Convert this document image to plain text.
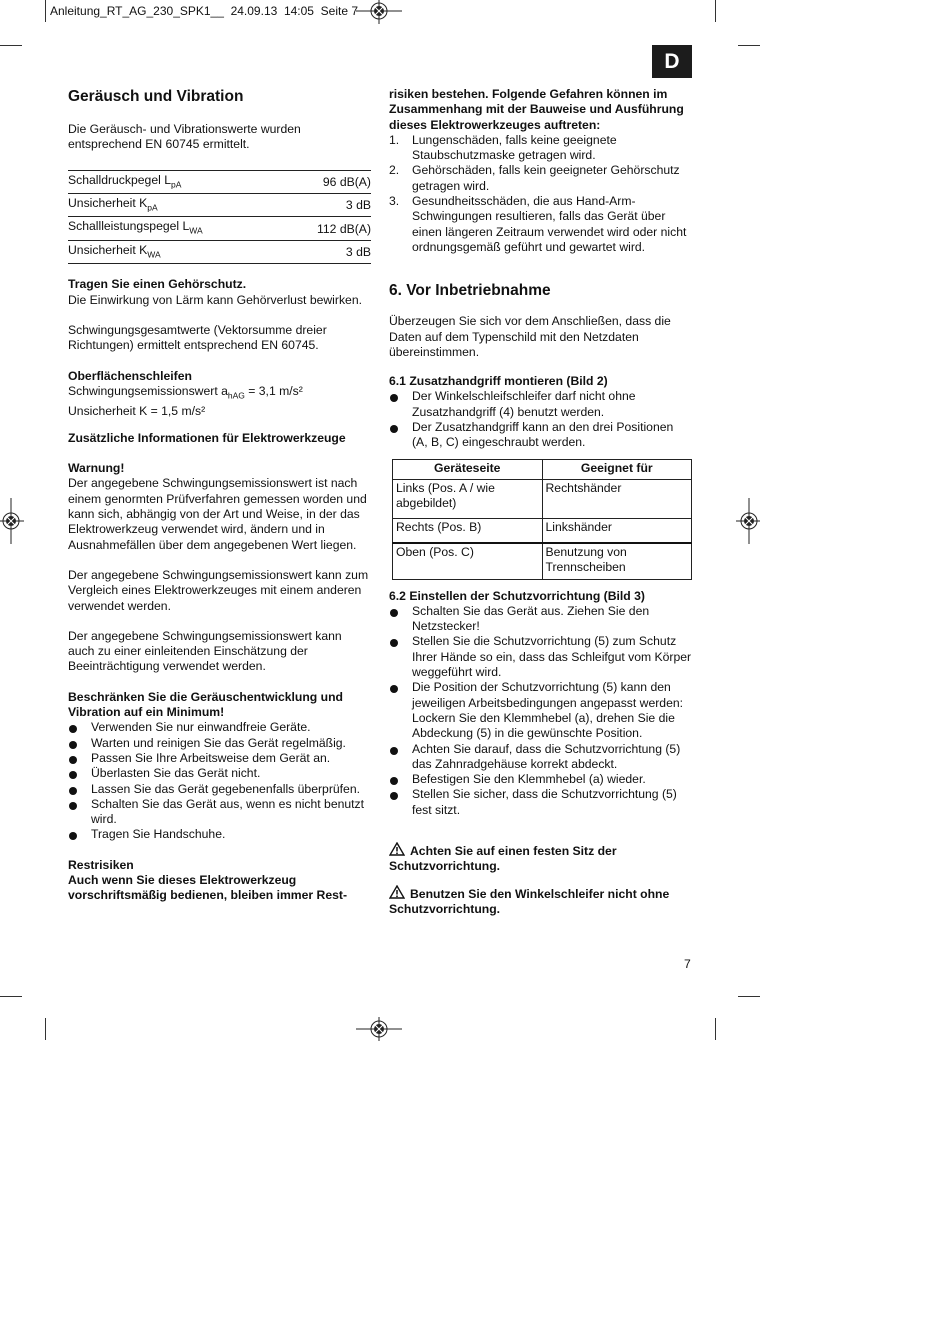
Anleitung_RT_AG_230_SPK1__  24.09.13  14:05  Seite 7
D
Geräusch und Vibration

Die Geräusch- und Vibrationswerte wurden entsprechend EN 60745 ermittelt.

Schalldruckpegel $L_{pA}$	96 dB(A)
Unsicherheit $K_{pA}$	3 dB
Schallleistungspegel $L_{WA}$	112 dB(A)
Unsicherheit $K_{WA}$	3 dB

Tragen Sie einen Gehörschutz.

Die Einwirkung von Lärm kann Gehörverlust bewirken.

Schwingungsgesamtwerte (Vektorsumme dreier Richtungen) ermittelt entsprechend EN 60745.

Oberflächenschleifen

Schwingungsemissionswert $a_{hAG} = 3,1$ m/s²

Unsicherheit K = 1,5 m/s²

Zusätzliche Informationen für Elektrowerkzeuge

Warnung!

Der angegebene Schwingungsemissionswert ist nach einem genormten Prüfverfahren gemessen worden und kann sich, abhängig von der Art und Weise, in der das Elektrowerkzeug verwendet wird, ändern und in Ausnahmefällen über dem angegebenen Wert liegen.

Der angegebene Schwingungsemissionswert kann zum Vergleich eines Elektrowerkzeuges mit einem anderen verwendet werden.

Der angegebene Schwingungsemissionswert kann auch zu einer einleitenden Einschätzung der Beeinträchtigung verwendet werden.

Beschränken Sie die Geräuschentwicklung und Vibration auf ein Minimum!

Verwenden Sie nur einwandfreie Geräte.
Warten und reinigen Sie das Gerät regelmäßig.
Passen Sie Ihre Arbeitsweise dem Gerät an.
Überlasten Sie das Gerät nicht.
Lassen Sie das Gerät gegebenenfalls überprüfen.
Schalten Sie das Gerät aus, wenn es nicht benutzt wird.
Tragen Sie Handschuhe.

Restrisiken

Auch wenn Sie dieses Elektrowerkzeug vorschriftsmäßig bedienen, bleiben immer Rest-

risiken bestehen. Folgende Gefahren können im Zusammenhang mit der Bauweise und Ausführung dieses Elektrowerkzeuges auftreten:

1. Lungenschäden, falls keine geeignete Staubschutzmaske getragen wird.
2. Gehörschäden, falls kein geeigneter Gehörschutz getragen wird.
3. Gesundheitsschäden, die aus Hand-Arm-Schwingungen resultieren, falls das Gerät über einen längeren Zeitraum verwendet wird oder nicht ordnungsgemäß geführt und gewartet wird.
6. Vor Inbetriebnahme

Überzeugen Sie sich vor dem Anschließen, dass die Daten auf dem Typenschild mit den Netzdaten übereinstimmen.

6.1 Zusatzhandgriff montieren (Bild 2)

Der Winkelschleifschleifer darf nicht ohne Zusatzhandgriff (4) benutzt werden.
Der Zusatzhandgriff kann an den drei Positionen (A, B, C) eingeschraubt werden.
Geräteseite	Geeignet für
Links (Pos. A / wie abgebildet)	Rechtshänder
Rechts (Pos. B)	Linkshänder
Oben (Pos. C)	Benutzung von Trennscheiben

6.2 Einstellen der Schutzvorrichtung (Bild 3)

Schalten Sie das Gerät aus. Ziehen Sie den Netzstecker!
Stellen Sie die Schutzvorrichtung (5) zum Schutz Ihrer Hände so ein, dass das Schleifgut vom Körper weggeführt wird.
Die Position der Schutzvorrichtung (5) kann den jeweiligen Arbeitsbedingungen angepasst werden: Lockern Sie den Klemmhebel (a), drehen Sie die Abdeckung (5) in die gewünschte Position.
Achten Sie darauf, dass die Schutzvorrichtung (5) das Zahnradgehäuse korrekt abdeckt.
Befestigen Sie den Klemmhebel (a) wieder.
Stellen Sie sicher, dass die Schutzvorrichtung (5) fest sitzt.

Achten Sie auf einen festen Sitz der Schutzvorrichtung.

Benutzen Sie den Winkelschleifer nicht ohne Schutzvorrichtung.

7
